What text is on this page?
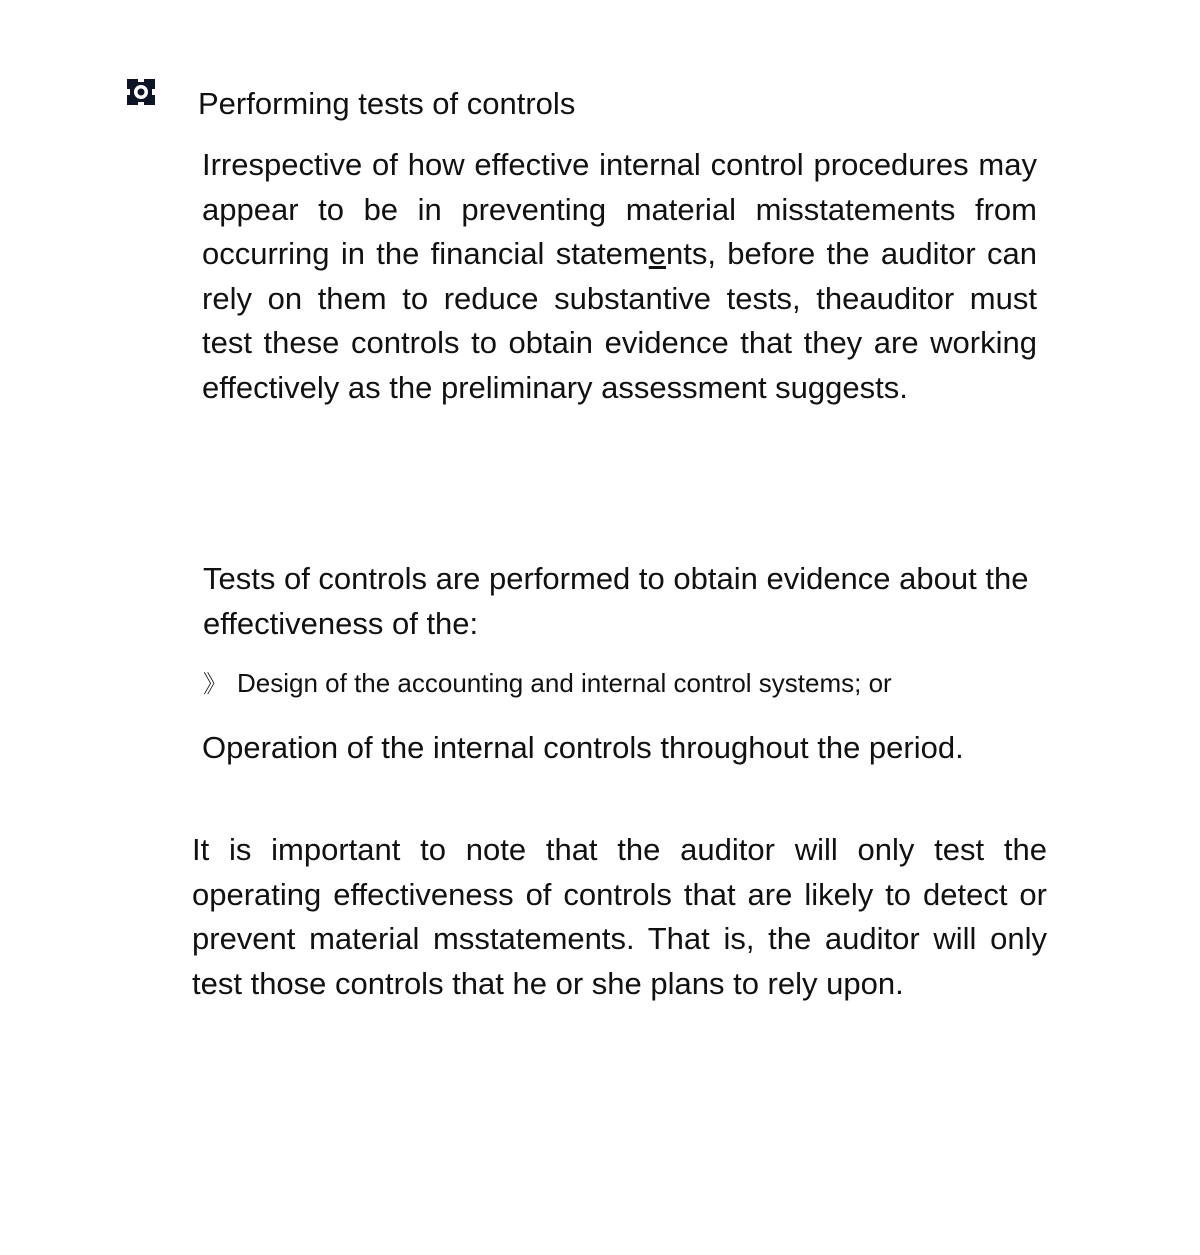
Performing tests of controls

Irrespective of how effective internal control procedures may appear to be in preventing material misstatements from occurring in the financial statements, before the auditor can rely on them to reduce substantive tests, theauditor must test these controls to obtain evidence that they are working effectively as the preliminary assessment suggests.

Tests of controls are performed to obtain evidence about the effectiveness of the:

》 Design of the accounting and internal control systems; or

Operation of the internal controls throughout the period.

It is important to note that the auditor will only test the operating effectiveness of controls that are likely to detect or prevent material msstatements. That is, the auditor will only test those controls that he or she plans to rely upon.
